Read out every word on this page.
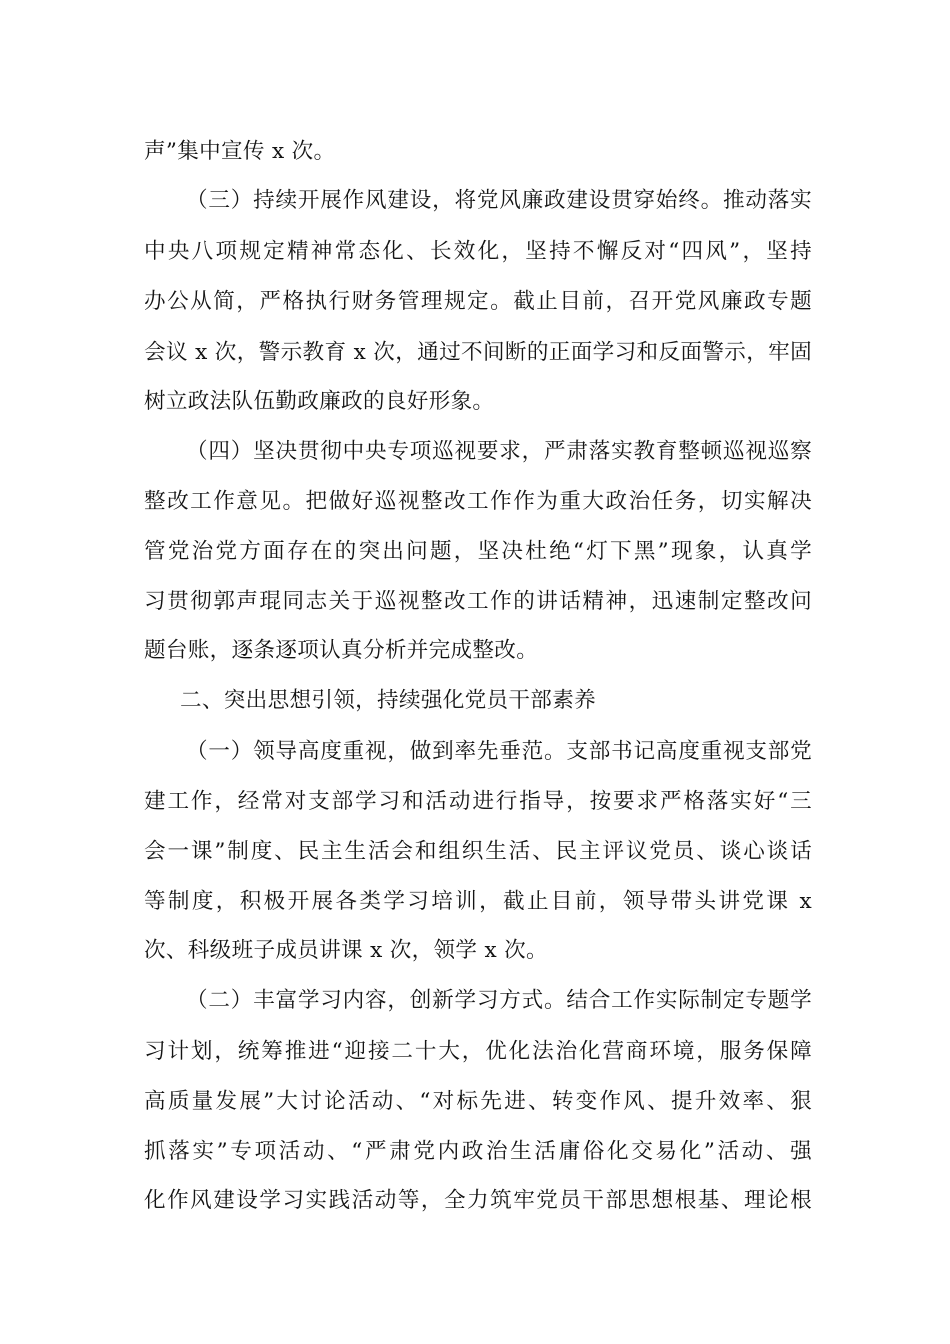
声”集中宣传 x 次。
（三）持续开展作风建设，将党风廉政建设贯穿始终。推动落实
中央八项规定精神常态化、长效化，坚持不懈反对“四风”，坚持
办公从简，严格执行财务管理规定。截止目前，召开党风廉政专题
会议 x 次，警示教育 x 次，通过不间断的正面学习和反面警示，牢固
树立政法队伍勤政廉政的良好形象。
（四）坚决贯彻中央专项巡视要求，严肃落实教育整顿巡视巡察
整改工作意见。把做好巡视整改工作作为重大政治任务，切实解决
管党治党方面存在的突出问题，坚决杜绝“灯下黑”现象，认真学
习贯彻郭声琨同志关于巡视整改工作的讲话精神，迅速制定整改问
题台账，逐条逐项认真分析并完成整改。
二、突出思想引领，持续强化党员干部素养
（一）领导高度重视，做到率先垂范。支部书记高度重视支部党
建工作，经常对支部学习和活动进行指导，按要求严格落实好“三
会一课”制度、民主生活会和组织生活、民主评议党员、谈心谈话
等制度，积极开展各类学习培训，截止目前，领导带头讲党课 x
次、科级班子成员讲课 x 次，领学 x 次。
（二）丰富学习内容，创新学习方式。结合工作实际制定专题学
习计划，统筹推进“迎接二十大，优化法治化营商环境，服务保障
高质量发展”大讨论活动、“对标先进、转变作风、提升效率、狠
抓落实”专项活动、“严肃党内政治生活庸俗化交易化”活动、强
化作风建设学习实践活动等，全力筑牢党员干部思想根基、理论根
